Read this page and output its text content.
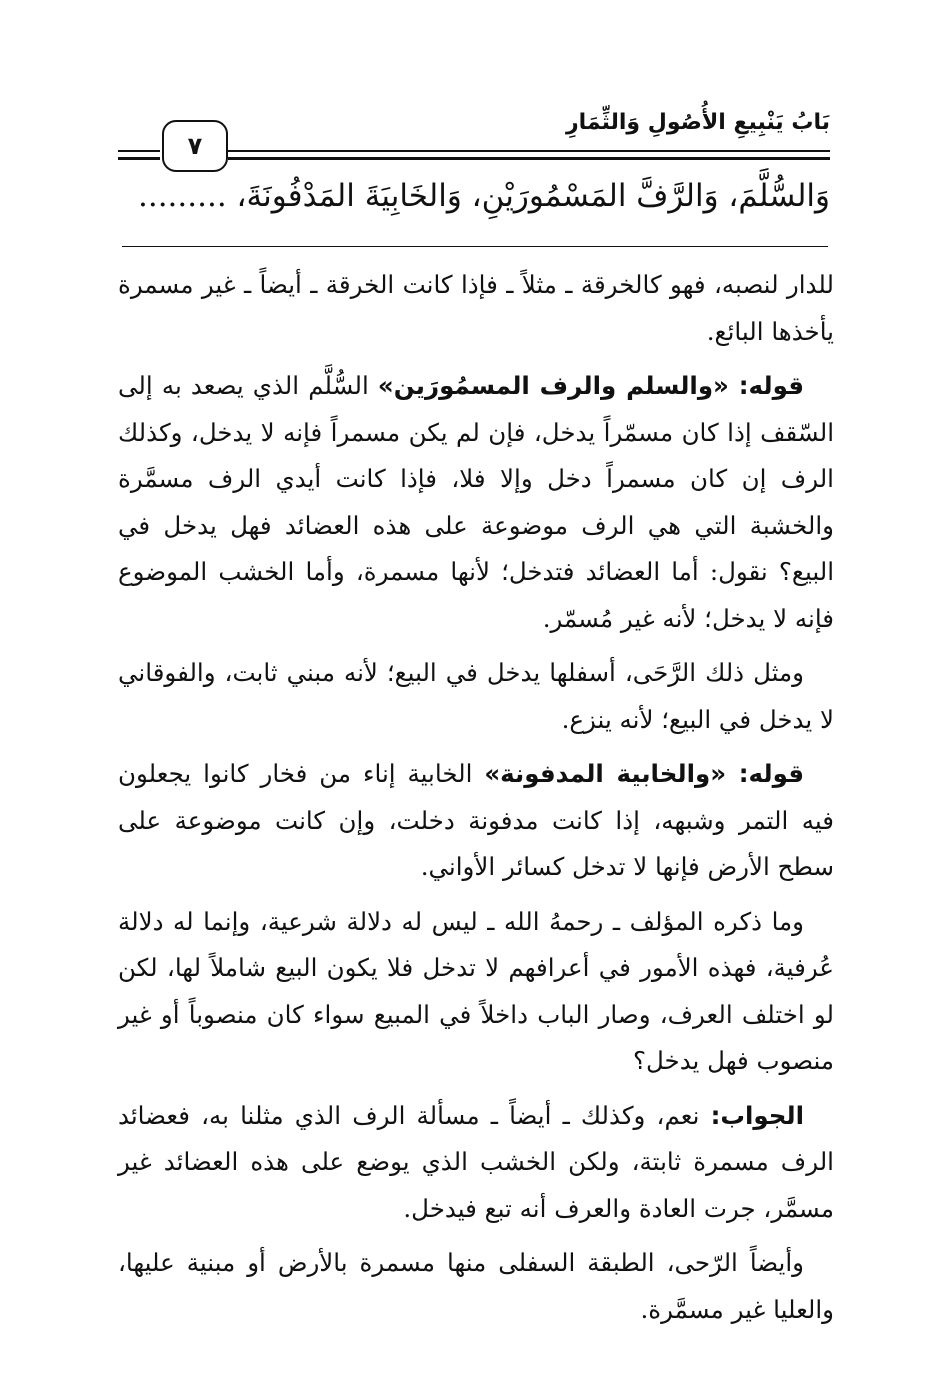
بَابُ يَنْبِيعِ الأُصُولِ وَالثِّمَارِ
٧
وَالسُّلَّمَ، وَالرَّفَّ المَسْمُورَيْنِ، وَالخَابِيَةَ المَدْفُونَةَ، .........

للدار لنصبه، فهو كالخرقة ـ مثلاً ـ فإذا كانت الخرقة ـ أيضاً ـ غير مسمرة يأخذها البائع.

قوله: «والسلم والرف المسمُورَين» السُّلَّم الذي يصعد به إلى السّقف إذا كان مسمّراً يدخل، فإن لم يكن مسمراً فإنه لا يدخل، وكذلك الرف إن كان مسمراً دخل وإلا فلا، فإذا كانت أيدي الرف مسمَّرة والخشبة التي هي الرف موضوعة على هذه العضائد فهل يدخل في البيع؟ نقول: أما العضائد فتدخل؛ لأنها مسمرة، وأما الخشب الموضوع فإنه لا يدخل؛ لأنه غير مُسمّر.

ومثل ذلك الرَّحَى، أسفلها يدخل في البيع؛ لأنه مبني ثابت، والفوقاني لا يدخل في البيع؛ لأنه ينزع.

قوله: «والخابية المدفونة» الخابية إناء من فخار كانوا يجعلون فيه التمر وشبهه، إذا كانت مدفونة دخلت، وإن كانت موضوعة على سطح الأرض فإنها لا تدخل كسائر الأواني.

وما ذكره المؤلف ـ رحمهُ الله ـ ليس له دلالة شرعية، وإنما له دلالة عُرفية، فهذه الأمور في أعرافهم لا تدخل فلا يكون البيع شاملاً لها، لكن لو اختلف العرف، وصار الباب داخلاً في المبيع سواء كان منصوباً أو غير منصوب فهل يدخل؟

الجواب: نعم، وكذلك ـ أيضاً ـ مسألة الرف الذي مثلنا به، فعضائد الرف مسمرة ثابتة، ولكن الخشب الذي يوضع على هذه العضائد غير مسمَّر، جرت العادة والعرف أنه تبع فيدخل.

وأيضاً الرّحى، الطبقة السفلى منها مسمرة بالأرض أو مبنية عليها، والعليا غير مسمَّرة.
